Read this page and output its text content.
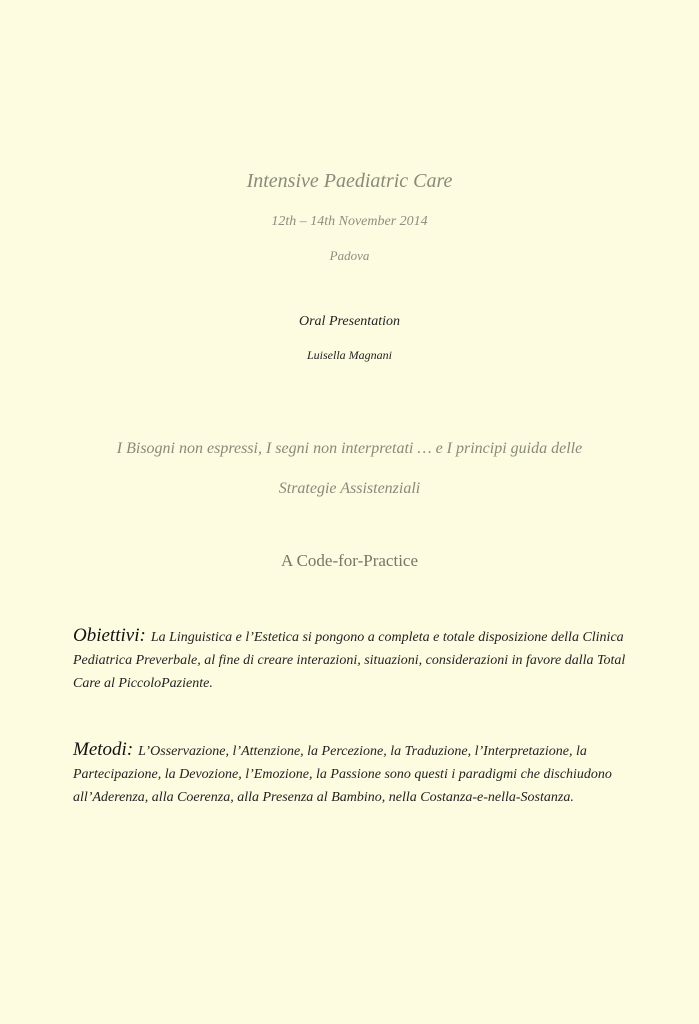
Intensive Paediatric Care
12th – 14th November 2014
Padova
Oral Presentation
Luisella Magnani
I Bisogni non espressi, I segni non interpretati … e I principi guida delle
Strategie Assistenziali
A Code-for-Practice

Obiettivi: La Linguistica e l’Estetica si pongono a completa e totale disposizione della Clinica Pediatrica Preverbale, al fine di creare interazioni, situazioni, considerazioni in favore dalla Total Care al PiccoloPaziente.

Metodi: L’Osservazione, l’Attenzione, la Percezione, la Traduzione, l’Interpretazione, la Partecipazione, la Devozione, l’Emozione, la Passione sono questi i paradigmi che dischiudono all’Aderenza, alla Coerenza, alla Presenza al Bambino, nella Costanza-e-nella-Sostanza.
